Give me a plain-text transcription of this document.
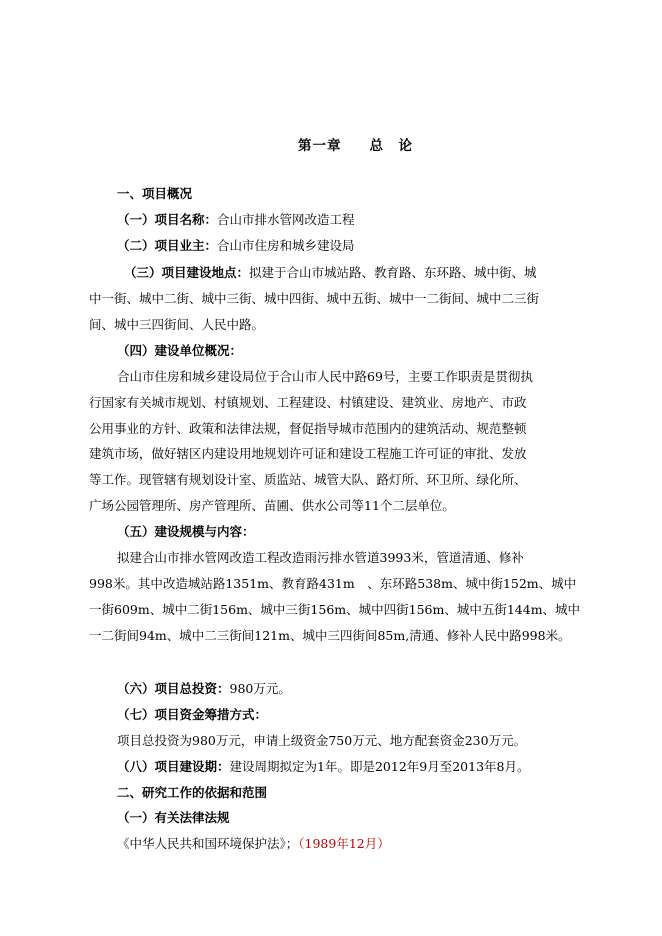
第一章 总　论
一、项目概况
（一）项目名称：合山市排水管网改造工程
（二）项目业主：合山市住房和城乡建设局
（三）项目建设地点：拟建于合山市城站路、教育路、东环路、城中街、城
中一街、城中二街、城中三街、城中四街、城中五街、城中一二街间、城中二三街
间、城中三四街间、人民中路。
（四）建设单位概况：
合山市住房和城乡建设局位于合山市人民中路69号，主要工作职责是贯彻执
行国家有关城市规划、村镇规划、工程建设、村镇建设、建筑业、房地产、市政
公用事业的方针、政策和法律法规，督促指导城市范围内的建筑活动、规范整顿
建筑市场，做好辖区内建设用地规划许可证和建设工程施工许可证的审批、发放
等工作。现管辖有规划设计室、质监站、城管大队、路灯所、环卫所、绿化所、
广场公园管理所、房产管理所、苗圃、供水公司等11个二层单位。
（五）建设规模与内容：
拟建合山市排水管网改造工程改造雨污排水管道3993米，管道清通、修补
998米。其中改造城站路1351m、教育路431m　、东环路538m、城中街152m、城中
一街609m、城中二街156m、城中三街156m、城中四街156m、城中五街144m、城中
一二街间94m、城中二三街间121m、城中三四街间85m,清通、修补人民中路998米。
（六）项目总投资：980万元。
（七）项目资金筹措方式：
项目总投资为980万元，申请上级资金750万元、地方配套资金230万元。
（八）项目建设期：建设周期拟定为1年。即是2012年9月至2013年8月。
二、研究工作的依据和范围
（一）有关法律法规
《中华人民共和国环境保护法》；（1989年12月）
